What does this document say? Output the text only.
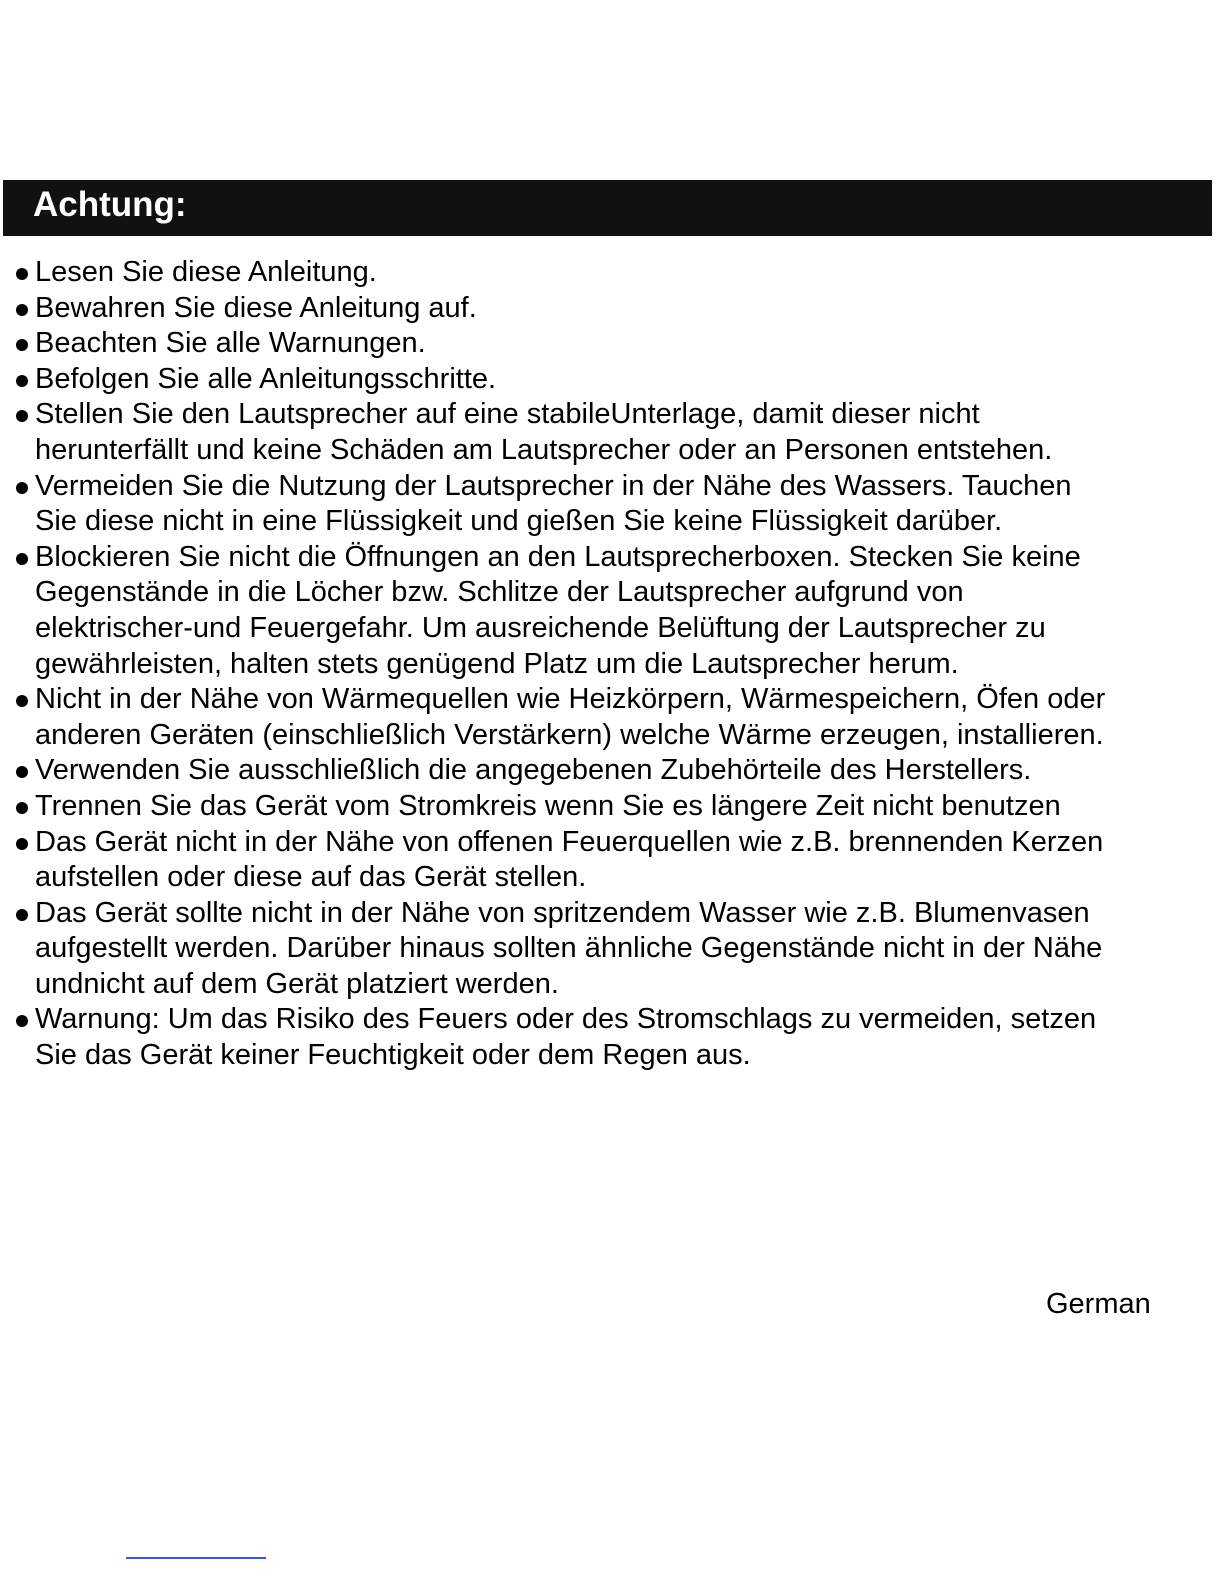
Achtung:
Lesen Sie diese Anleitung.
Bewahren Sie diese Anleitung auf.
Beachten Sie alle Warnungen.
Befolgen Sie alle Anleitungsschritte.
Stellen Sie den Lautsprecher auf eine stabileUnterlage, damit dieser nicht
herunterfällt und keine Schäden am Lautsprecher oder an Personen entstehen.
Vermeiden Sie die Nutzung der Lautsprecher in der Nähe des Wassers. Tauchen
Sie diese nicht in eine Flüssigkeit und gießen Sie keine Flüssigkeit darüber.
Blockieren Sie nicht die Öffnungen an den Lautsprecherboxen. Stecken Sie keine
Gegenstände in die Löcher bzw. Schlitze der Lautsprecher aufgrund von
elektrischer-und Feuergefahr. Um ausreichende Belüftung der Lautsprecher zu
gewährleisten, halten stets genügend Platz um die Lautsprecher herum.
Nicht in der Nähe von Wärmequellen wie Heizkörpern, Wärmespeichern, Öfen oder
anderen Geräten (einschließlich Verstärkern) welche Wärme erzeugen, installieren.
Verwenden Sie ausschließlich die angegebenen Zubehörteile des Herstellers.
Trennen Sie das Gerät vom Stromkreis wenn Sie es längere Zeit nicht benutzen
Das Gerät nicht in der Nähe von offenen Feuerquellen wie z.B. brennenden Kerzen
aufstellen oder diese auf das Gerät stellen.
Das Gerät sollte nicht in der Nähe von spritzendem Wasser wie z.B. Blumenvasen
aufgestellt werden. Darüber hinaus sollten ähnliche Gegenstände nicht in der Nähe
undnicht auf dem Gerät platziert werden.
Warnung: Um das Risiko des Feuers oder des Stromschlags zu vermeiden, setzen
Sie das Gerät keiner Feuchtigkeit oder dem Regen aus.
German
